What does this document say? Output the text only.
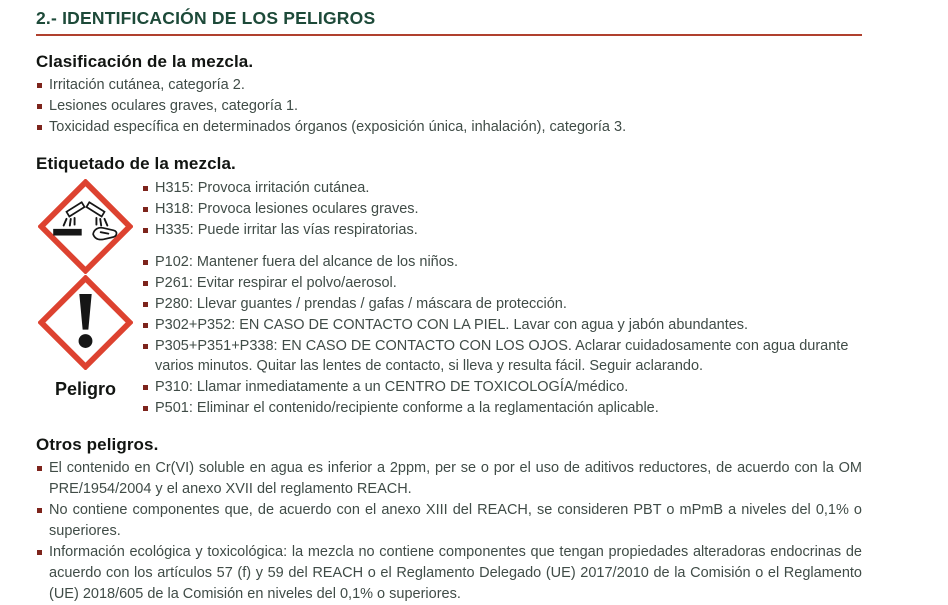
2.- IDENTIFICACIÓN DE LOS PELIGROS
Clasificación de la mezcla.
Irritación cutánea, categoría 2.
Lesiones oculares graves, categoría 1.
Toxicidad específica en determinados órganos (exposición única, inhalación), categoría 3.
Etiquetado de la mezcla.
Peligro
H315: Provoca irritación cutánea.
H318: Provoca lesiones oculares graves.
H335: Puede irritar las vías respiratorias.
P102: Mantener fuera del alcance de los niños.
P261: Evitar respirar el polvo/aerosol.
P280: Llevar guantes / prendas / gafas / máscara de protección.
P302+P352: EN CASO DE CONTACTO CON LA PIEL. Lavar con agua y jabón abundantes.
P305+P351+P338: EN CASO DE CONTACTO CON LOS OJOS. Aclarar cuidadosamente con agua durante varios minutos. Quitar las lentes de contacto, si lleva y resulta fácil. Seguir aclarando.
P310: Llamar inmediatamente a un CENTRO DE TOXICOLOGÍA/médico.
P501: Eliminar el contenido/recipiente conforme a la reglamentación aplicable.
Otros peligros.
El contenido en Cr(VI) soluble en agua es inferior a 2ppm, per se o por el uso de aditivos reductores, de acuerdo con la OM PRE/1954/2004 y el anexo XVII del reglamento REACH.
No contiene componentes que, de acuerdo con el anexo XIII del REACH, se consideren PBT o mPmB a niveles del 0,1% o superiores.
Información ecológica y toxicológica: la mezcla no contiene componentes que tengan propiedades alteradoras endocrinas de acuerdo con los artículos 57 (f) y 59 del REACH o el Reglamento Delegado (UE) 2017/2010 de la Comisión o el Reglamento (UE) 2018/605 de la Comisión en niveles del 0,1% o superiores.
